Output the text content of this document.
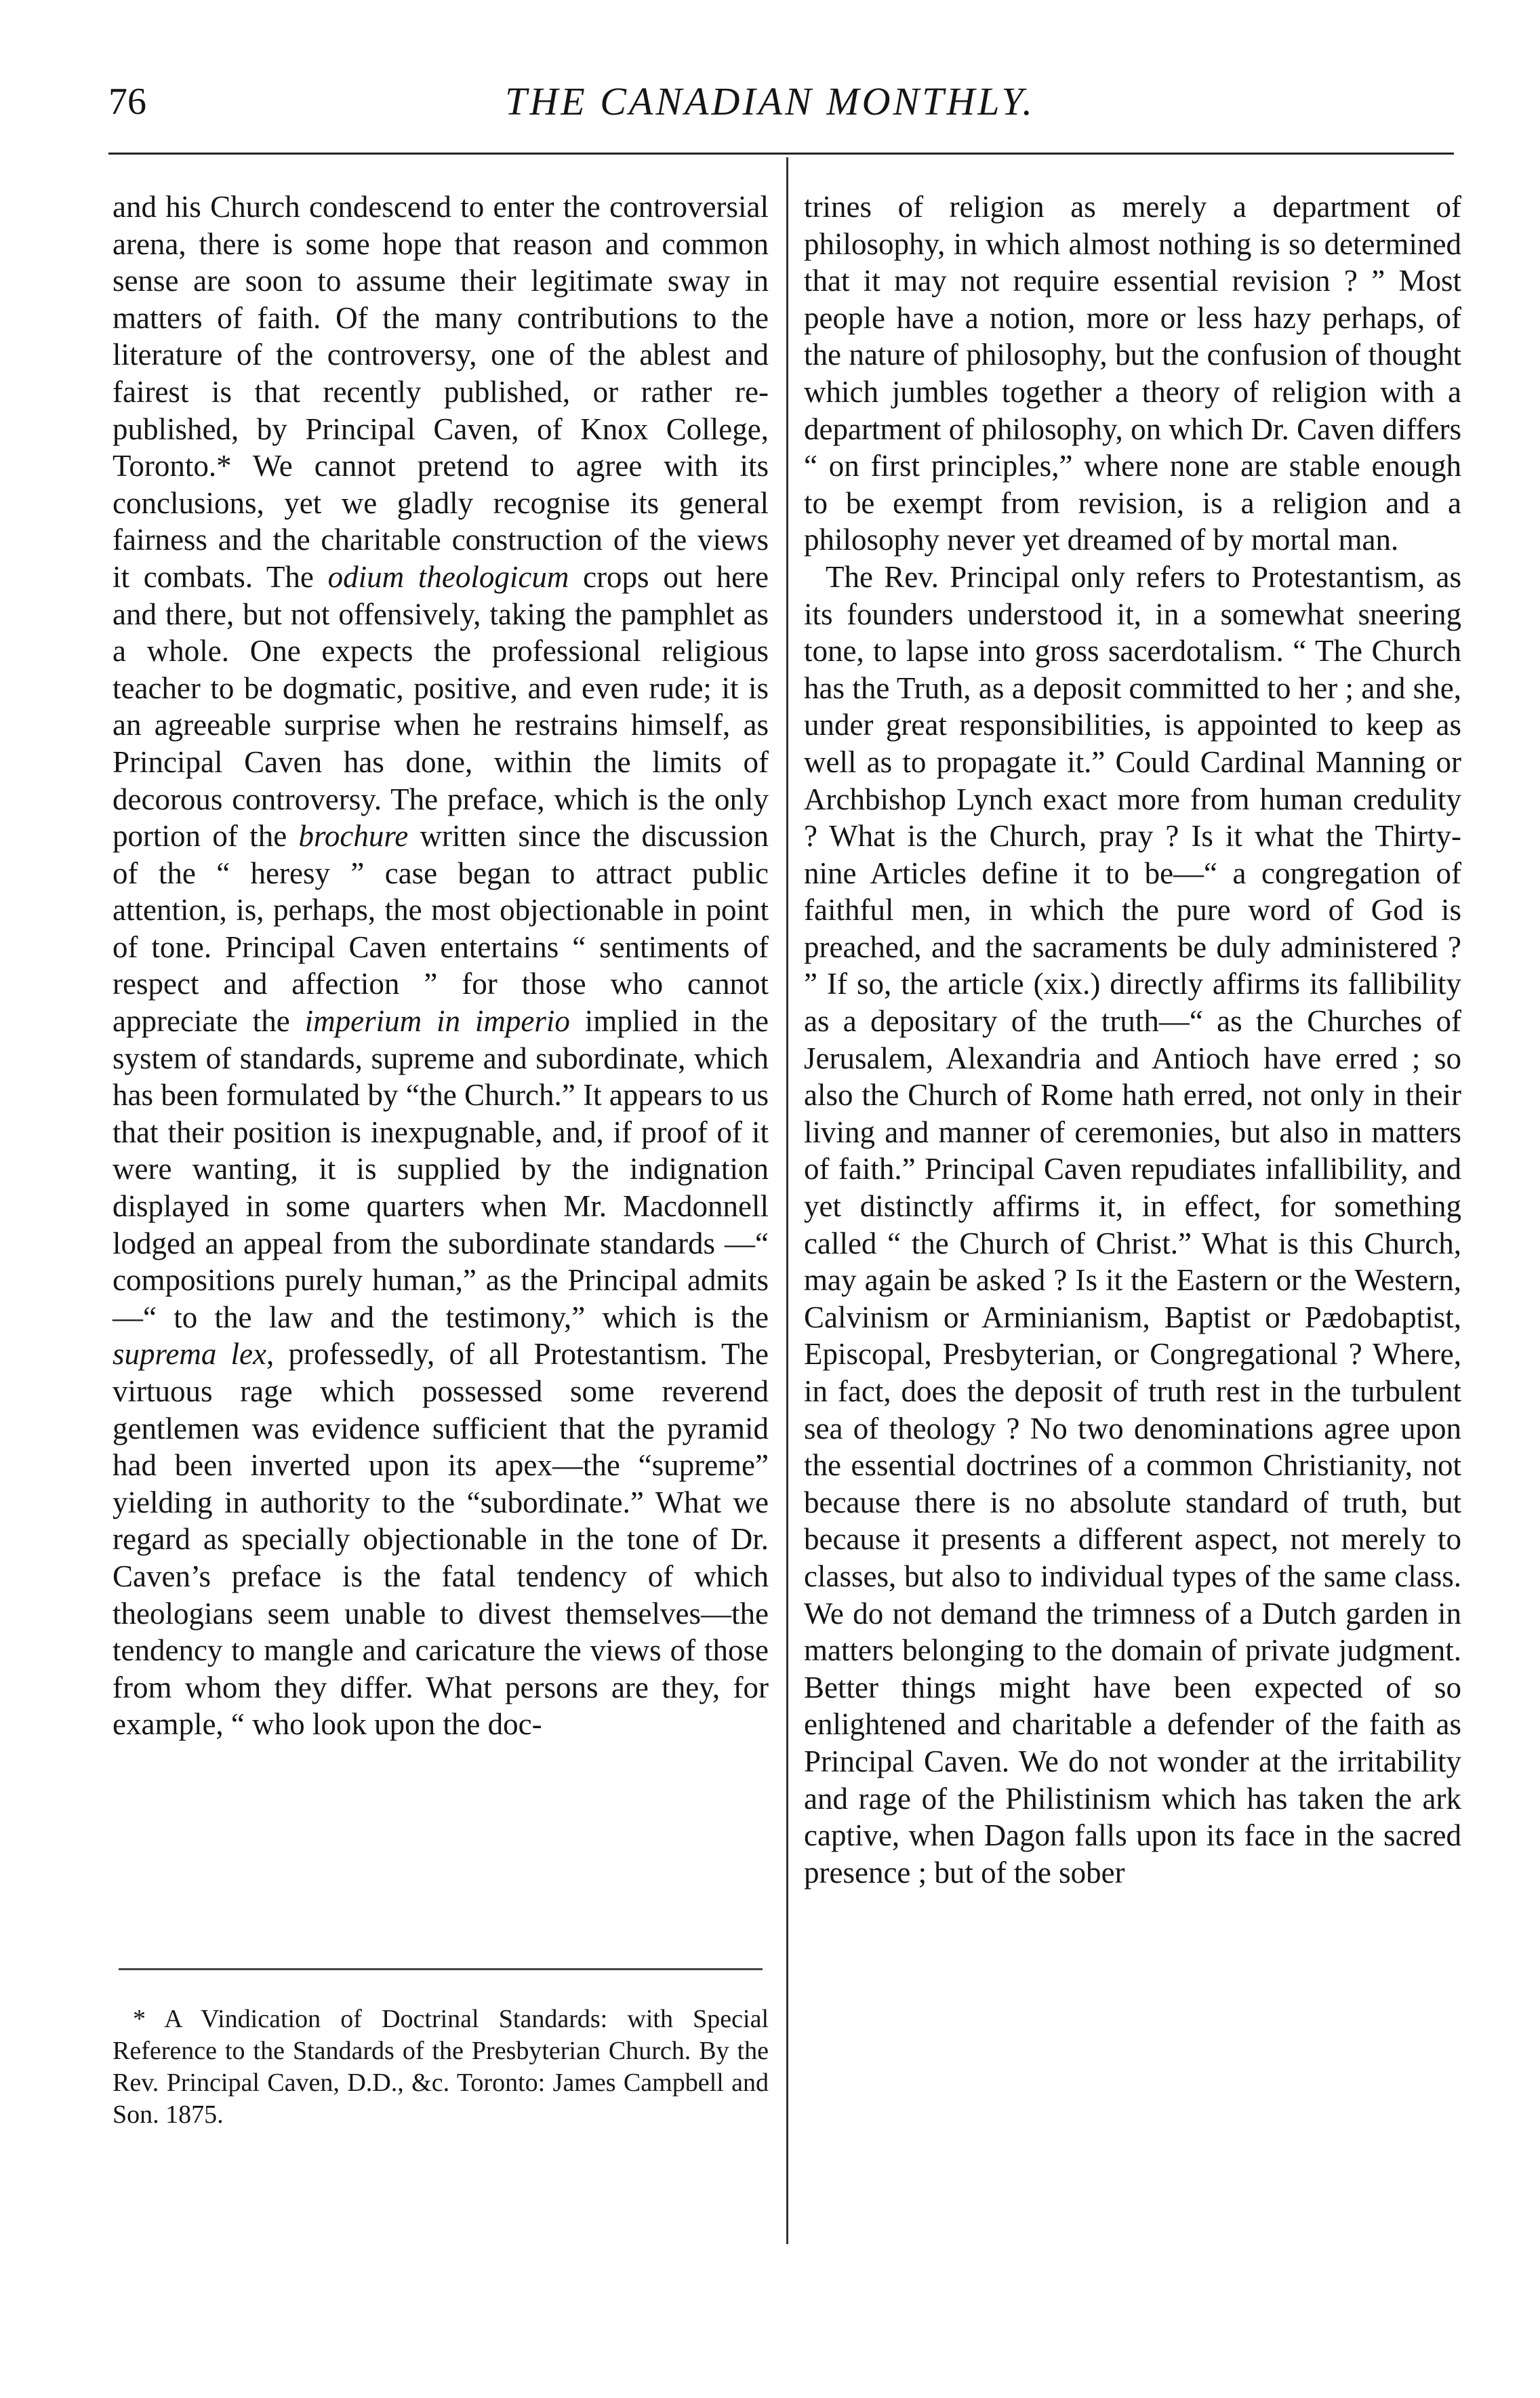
76	THE CANADIAN MONTHLY.

and his Church condescend to enter the controversial arena, there is some hope that reason and common sense are soon to assume their legitimate sway in matters of faith. Of the many contributions to the literature of the controversy, one of the ablest and fairest is that recently published, or rather re-published, by Principal Caven, of Knox College, Toronto.* We cannot pretend to agree with its conclusions, yet we gladly recognise its general fairness and the charitable construction of the views it combats. The odium theologicum crops out here and there, but not offensively, taking the pamphlet as a whole. One expects the professional religious teacher to be dogmatic, positive, and even rude; it is an agreeable surprise when he restrains himself, as Principal Caven has done, within the limits of decorous controversy. The preface, which is the only portion of the brochure written since the discussion of the “ heresy ” case began to attract public attention, is, perhaps, the most objectionable in point of tone. Principal Caven entertains “ sentiments of respect and affection ” for those who cannot appreciate the imperium in imperio implied in the system of standards, supreme and subordinate, which has been formulated by “the Church.” It appears to us that their position is inexpugnable, and, if proof of it were wanting, it is supplied by the indignation displayed in some quarters when Mr. Macdonnell lodged an appeal from the subordinate standards —“ compositions purely human,” as the Principal admits—“ to the law and the testimony,” which is the suprema lex, professedly, of all Protestantism. The virtuous rage which possessed some reverend gentlemen was evidence sufficient that the pyramid had been inverted upon its apex—the “supreme” yielding in authority to the “subordinate.” What we regard as specially objectionable in the tone of Dr. Caven’s preface is the fatal tendency of which theologians seem unable to divest themselves—the tendency to mangle and caricature the views of those from whom they differ. What persons are they, for example, “ who look upon the doc-

* A Vindication of Doctrinal Standards: with Special Reference to the Standards of the Presbyterian Church. By the Rev. Principal Caven, D.D., &c. Toronto: James Campbell and Son. 1875.

trines of religion as merely a department of philosophy, in which almost nothing is so determined that it may not require essential revision ? ” Most people have a notion, more or less hazy perhaps, of the nature of philosophy, but the confusion of thought which jumbles together a theory of religion with a department of philosophy, on which Dr. Caven differs “ on first principles,” where none are stable enough to be exempt from revision, is a religion and a philosophy never yet dreamed of by mortal man.

The Rev. Principal only refers to Protestantism, as its founders understood it, in a somewhat sneering tone, to lapse into gross sacerdotalism. “ The Church has the Truth, as a deposit committed to her ; and she, under great responsibilities, is appointed to keep as well as to propagate it.” Could Cardinal Manning or Archbishop Lynch exact more from human credulity ? What is the Church, pray ? Is it what the Thirty-nine Articles define it to be—“ a congregation of faithful men, in which the pure word of God is preached, and the sacraments be duly administered ? ” If so, the article (xix.) directly affirms its fallibility as a depositary of the truth—“ as the Churches of Jerusalem, Alexandria and Antioch have erred ; so also the Church of Rome hath erred, not only in their living and manner of ceremonies, but also in matters of faith.” Principal Caven repudiates infallibility, and yet distinctly affirms it, in effect, for something called “ the Church of Christ.” What is this Church, may again be asked ? Is it the Eastern or the Western, Calvinism or Arminianism, Baptist or Pædobaptist, Episcopal, Presbyterian, or Congregational ? Where, in fact, does the deposit of truth rest in the turbulent sea of theology ? No two denominations agree upon the essential doctrines of a common Christianity, not because there is no absolute standard of truth, but because it presents a different aspect, not merely to classes, but also to individual types of the same class. We do not demand the trimness of a Dutch garden in matters belonging to the domain of private judgment. Better things might have been expected of so enlightened and charitable a defender of the faith as Principal Caven. We do not wonder at the irritability and rage of the Philistinism which has taken the ark captive, when Dagon falls upon its face in the sacred presence ; but of the sober
